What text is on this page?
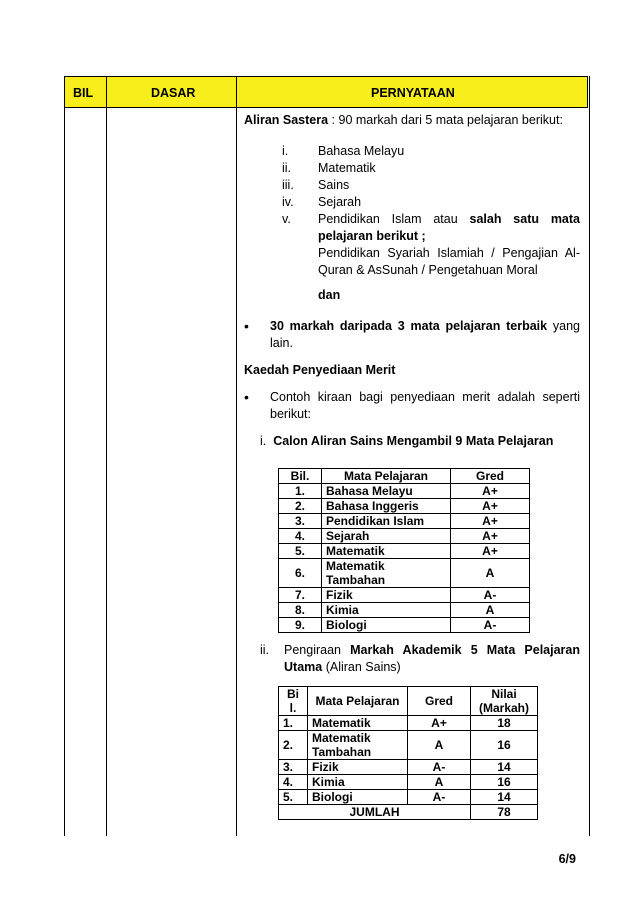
BIL	DASAR	PERNYATAAN
Aliran Sastera : 90 markah dari 5 mata pelajaran berikut:
i.	Bahasa Melayu
ii.	Matematik
iii.	Sains
iv.	Sejarah
v.	Pendidikan Islam atau salah satu mata pelajaran berikut ;
Pendidikan Syariah Islamiah / Pengajian Al-Quran & AsSunah / Pengetahuan Moral
dan
•	30 markah daripada 3 mata pelajaran terbaik yang lain.
Kaedah Penyediaan Merit
•	Contoh kiraan bagi penyediaan merit adalah seperti berikut:
i. Calon Aliran Sains Mengambil 9 Mata Pelajaran
Bil.	Mata Pelajaran	Gred
1.	Bahasa Melayu	A+
2.	Bahasa Inggeris	A+
3.	Pendidikan Islam	A+
4.	Sejarah	A+
5.	Matematik	A+
6.	Matematik Tambahan	A
7.	Fizik	A-
8.	Kimia	A
9.	Biologi	A-
ii.	Pengiraan Markah Akademik 5 Mata Pelajaran Utama (Aliran Sains)
Bi l.	Mata Pelajaran	Gred	Nilai (Markah)
1.	Matematik	A+	18
2.	Matematik Tambahan	A	16
3.	Fizik	A-	14
4.	Kimia	A	16
5.	Biologi	A-	14
JUMLAH			78
6/9
